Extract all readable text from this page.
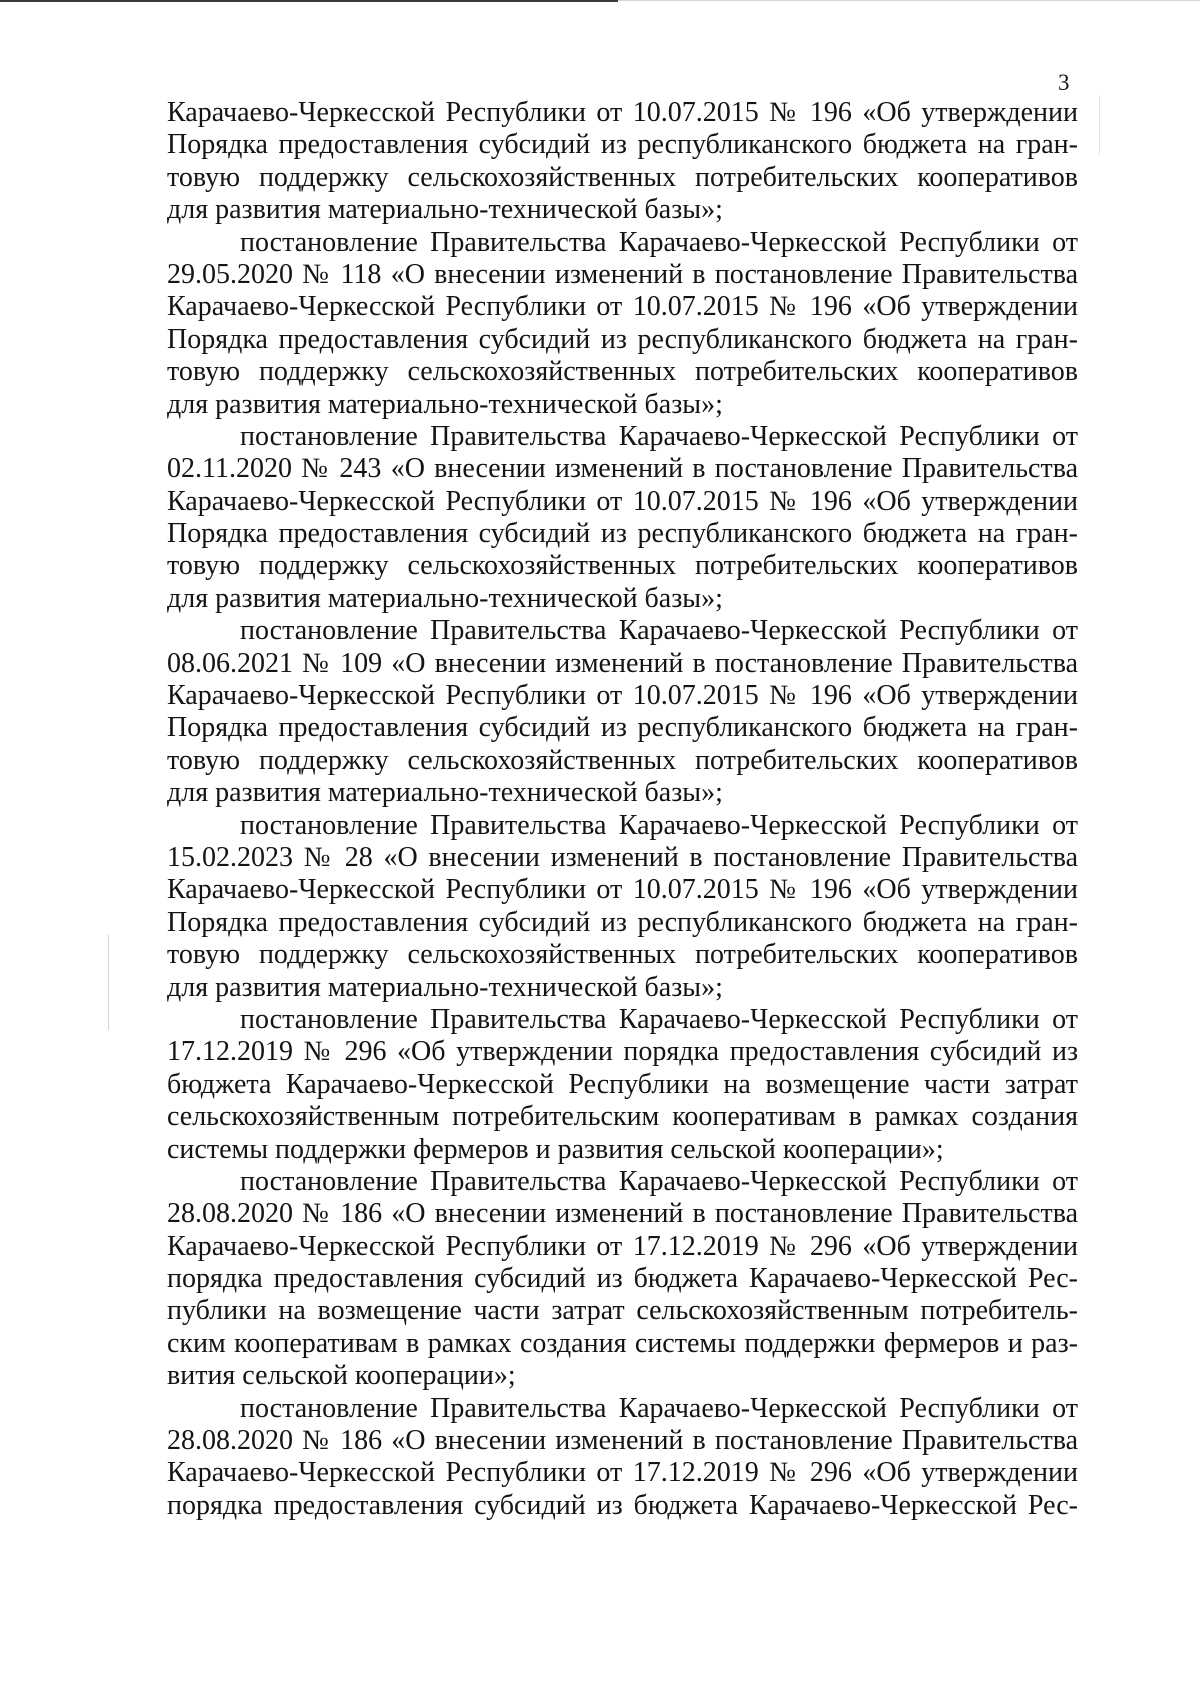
3
Карачаево-Черкесской Республики от 10.07.2015 № 196 «Об утверждении
Порядка предоставления субсидий из республиканского бюджета на гран-
товую поддержку сельскохозяйственных потребительских кооперативов
для развития материально-технической базы»;
постановление Правительства Карачаево-Черкесской Республики от
29.05.2020 № 118 «О внесении изменений в постановление Правительства
Карачаево-Черкесской Республики от 10.07.2015 № 196 «Об утверждении
Порядка предоставления субсидий из республиканского бюджета на гран-
товую поддержку сельскохозяйственных потребительских кооперативов
для развития материально-технической базы»;
постановление Правительства Карачаево-Черкесской Республики от
02.11.2020 № 243 «О внесении изменений в постановление Правительства
Карачаево-Черкесской Республики от 10.07.2015 № 196 «Об утверждении
Порядка предоставления субсидий из республиканского бюджета на гран-
товую поддержку сельскохозяйственных потребительских кооперативов
для развития материально-технической базы»;
постановление Правительства Карачаево-Черкесской Республики от
08.06.2021 № 109 «О внесении изменений в постановление Правительства
Карачаево-Черкесской Республики от 10.07.2015 № 196 «Об утверждении
Порядка предоставления субсидий из республиканского бюджета на гран-
товую поддержку сельскохозяйственных потребительских кооперативов
для развития материально-технической базы»;
постановление Правительства Карачаево-Черкесской Республики от
15.02.2023 № 28 «О внесении изменений в постановление Правительства
Карачаево-Черкесской Республики от 10.07.2015 № 196 «Об утверждении
Порядка предоставления субсидий из республиканского бюджета на гран-
товую поддержку сельскохозяйственных потребительских кооперативов
для развития материально-технической базы»;
постановление Правительства Карачаево-Черкесской Республики от
17.12.2019 № 296 «Об утверждении порядка предоставления субсидий из
бюджета Карачаево-Черкесской Республики на возмещение части затрат
сельскохозяйственным потребительским кооперативам в рамках создания
системы поддержки фермеров и развития сельской кооперации»;
постановление Правительства Карачаево-Черкесской Республики от
28.08.2020 № 186 «О внесении изменений в постановление Правительства
Карачаево-Черкесской Республики от 17.12.2019 № 296 «Об утверждении
порядка предоставления субсидий из бюджета Карачаево-Черкесской Рес-
публики на возмещение части затрат сельскохозяйственным потребитель-
ским кооперативам в рамках создания системы поддержки фермеров и раз-
вития сельской кооперации»;
постановление Правительства Карачаево-Черкесской Республики от
28.08.2020 № 186 «О внесении изменений в постановление Правительства
Карачаево-Черкесской Республики от 17.12.2019 № 296 «Об утверждении
порядка предоставления субсидий из бюджета Карачаево-Черкесской Рес-
